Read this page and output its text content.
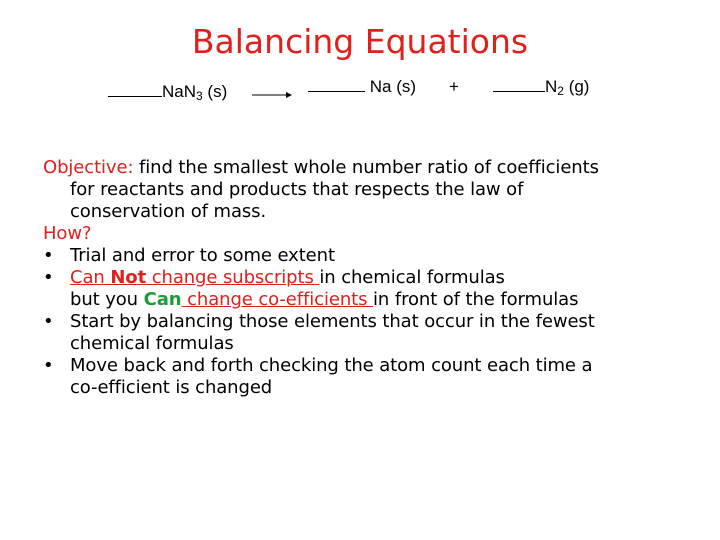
Balancing Equations
NaN3 (s) →	Na (s) +	N2 (g)

Objective: find the smallest whole number ratio of coefficients

for reactants and products that respects the law of

conservation of mass.

How?

• Trial and error to some extent
• Can Not change subscripts in chemical formulas

but you Can change co-efficients in front of the formulas

• Start by balancing those elements that occur in the fewest

chemical formulas

• Move back and forth checking the atom count each time a

co-efficient is changed
